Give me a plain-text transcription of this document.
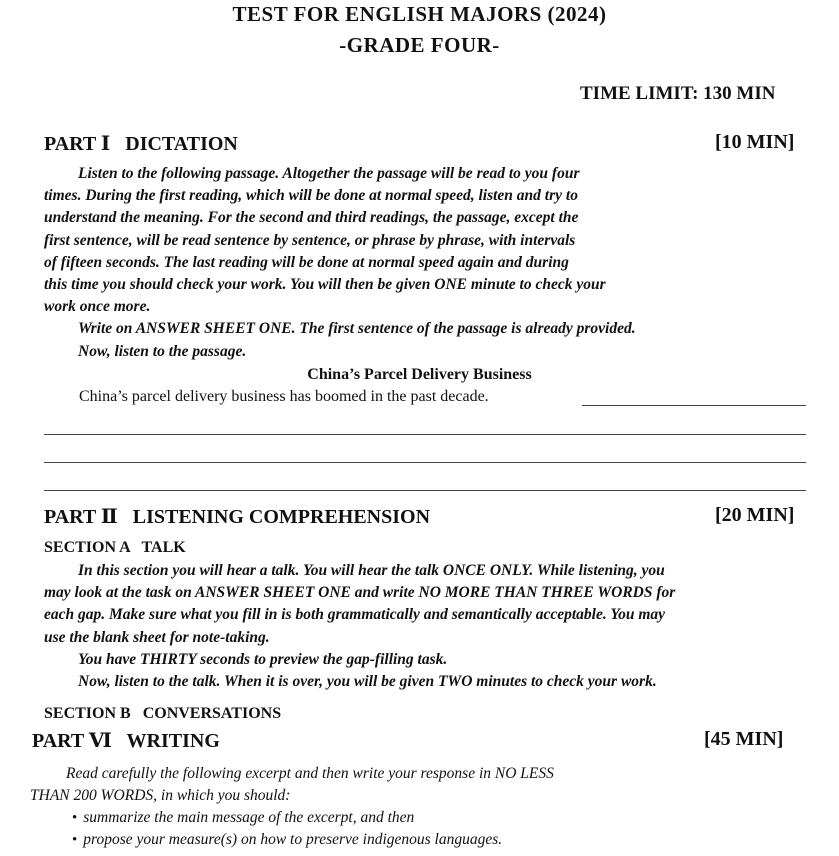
TEST FOR ENGLISH MAJORS (2024)
-GRADE FOUR-
TIME LIMIT: 130 MIN
PART Ⅰ   DICTATION	[10 MIN]
Listen to the following passage. Altogether the passage will be read to you four
times. During the first reading, which will be done at normal speed, listen and try to
understand the meaning. For the second and third readings, the passage, except the
first sentence, will be read sentence by sentence, or phrase by phrase, with intervals
of fifteen seconds. The last reading will be done at normal speed again and during
this time you should check your work. You will then be given ONE minute to check your
work once more.
Write on ANSWER SHEET ONE. The first sentence of the passage is already provided.
Now, listen to the passage.
China’s Parcel Delivery Business
China’s parcel delivery business has boomed in the past decade.
PART Ⅱ   LISTENING COMPREHENSION	[20 MIN]
SECTION A   TALK
In this section you will hear a talk. You will hear the talk ONCE ONLY. While listening, you
may look at the task on ANSWER SHEET ONE and write NO MORE THAN THREE WORDS for
each gap. Make sure what you fill in is both grammatically and semantically acceptable. You may
use the blank sheet for note-taking.
You have THIRTY seconds to preview the gap-filling task.
Now, listen to the talk. When it is over, you will be given TWO minutes to check your work.
SECTION B   CONVERSATIONS
PART Ⅵ   WRITING	[45 MIN]
Read carefully the following excerpt and then write your response in NO LESS
THAN 200 WORDS, in which you should:
• summarize the main message of the excerpt, and then
• propose your measure(s) on how to preserve indigenous languages.
